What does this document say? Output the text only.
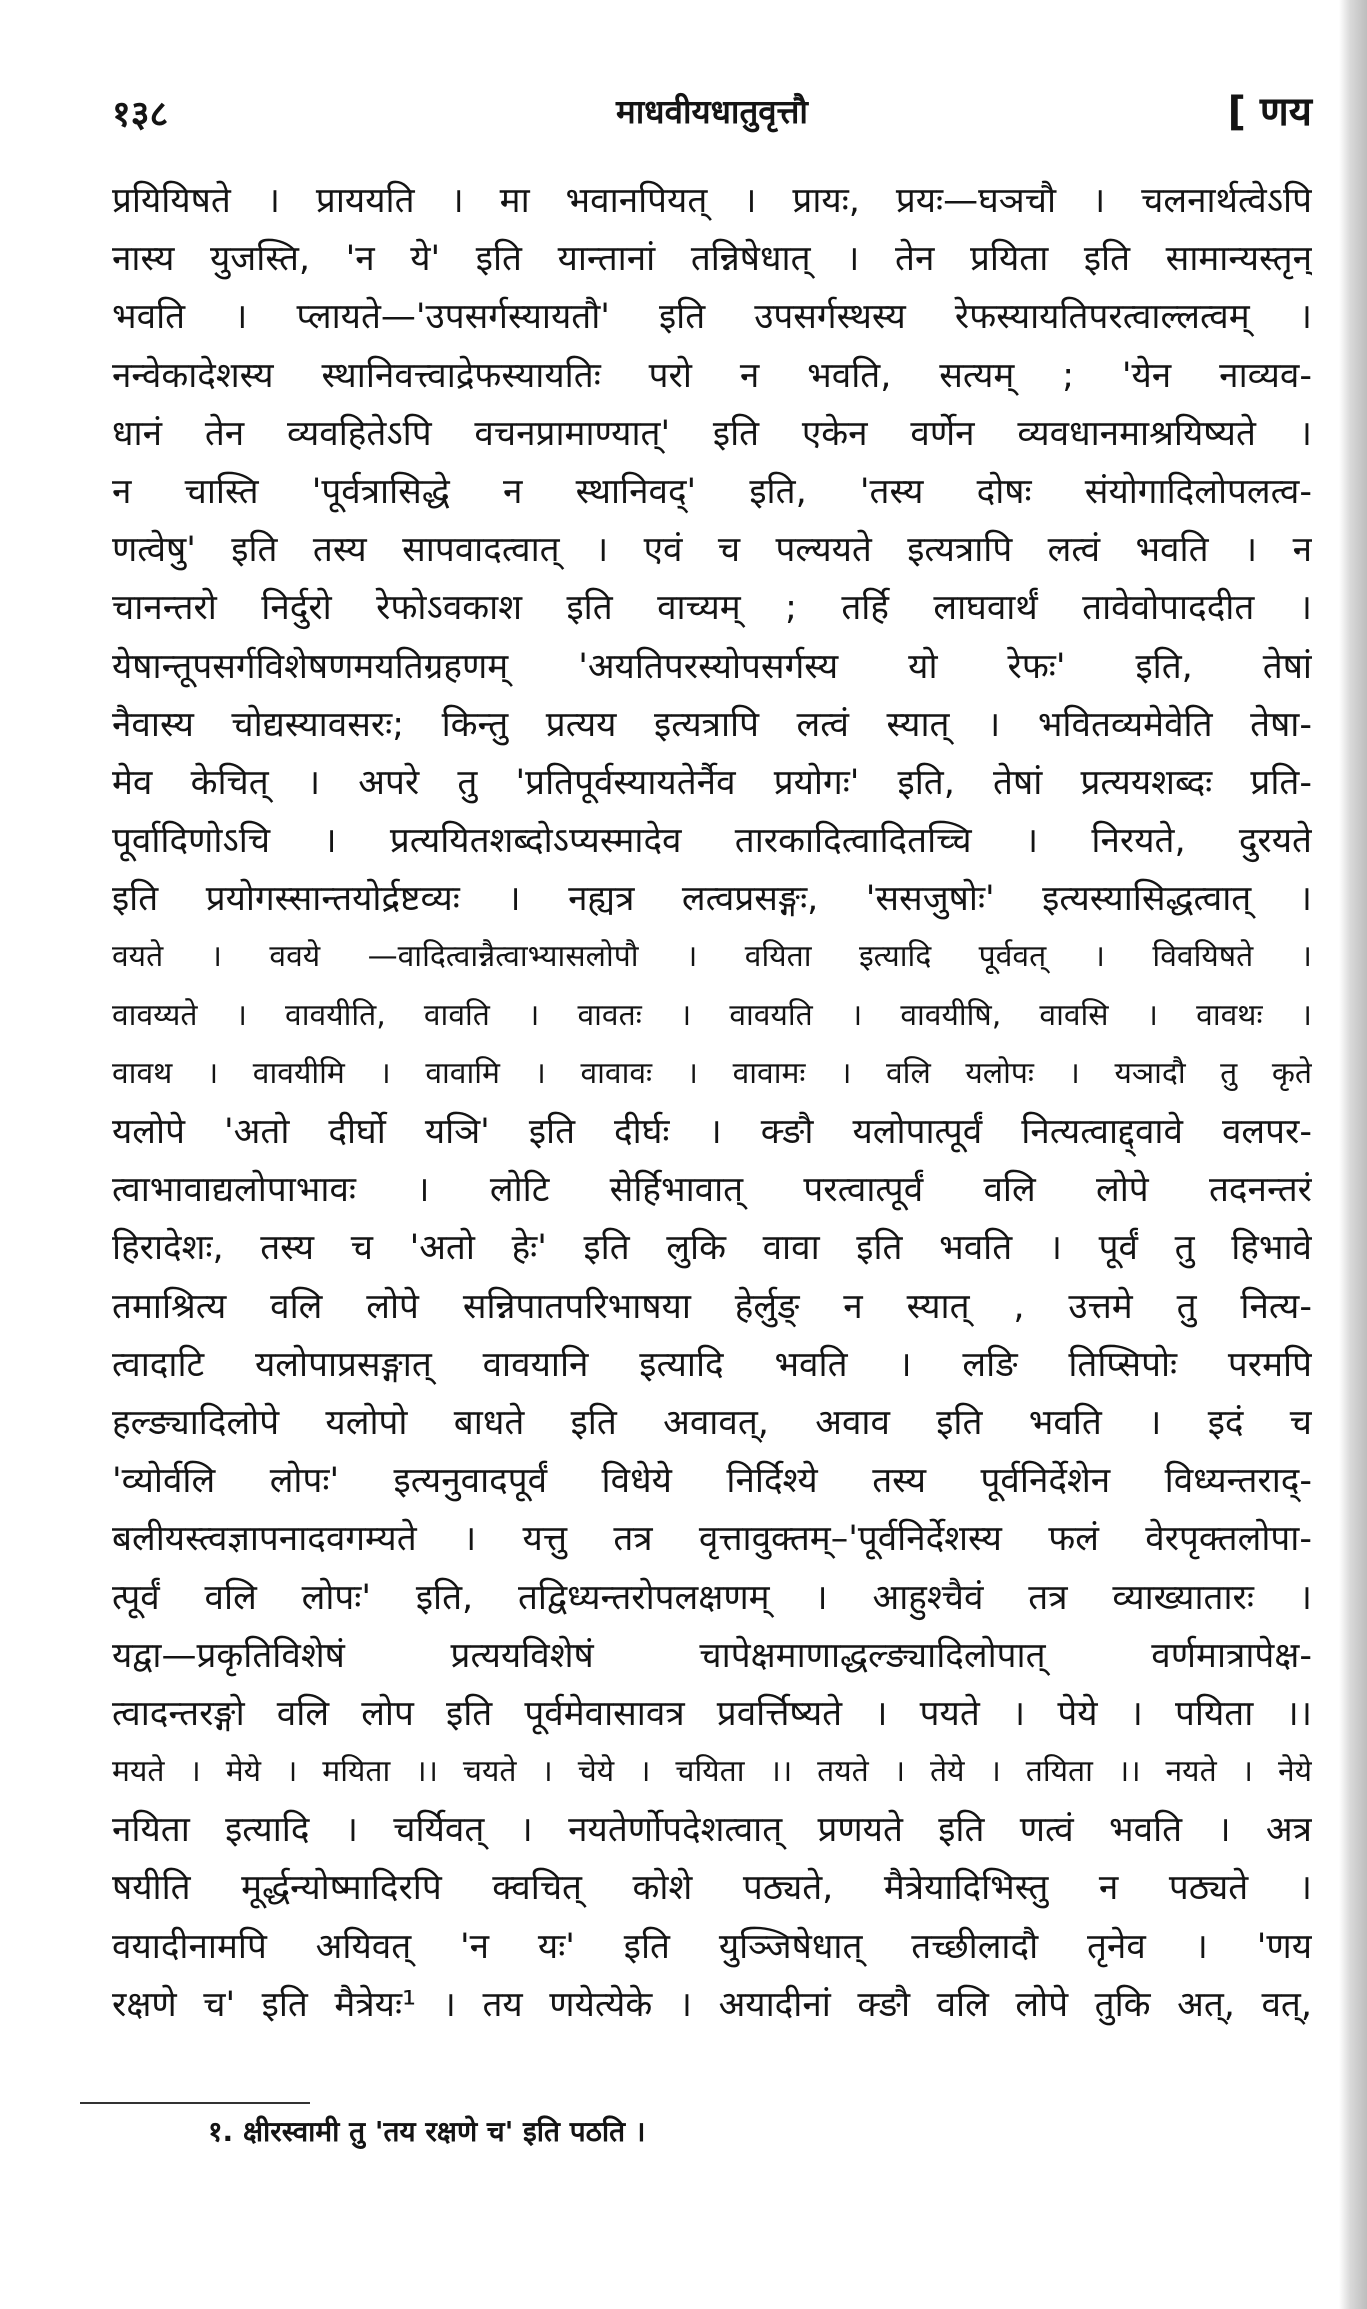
१३८	माधवीयधातुवृत्तौ	[ णय
प्रयियिषते । प्राययति । मा भवानपियत् । प्रायः, प्रयः—घञचौ । चलनार्थत्वेऽपि
नास्य युजस्ति, 'न ये' इति यान्तानां तन्निषेधात् । तेन प्रयिता इति सामान्यस्तृन्
भवति । प्लायते—'उपसर्गस्यायतौ' इति उपसर्गस्थस्य रेफस्यायतिपरत्वाल्लत्वम् ।
नन्वेकादेशस्य स्थानिवत्त्वाद्रेफस्यायतिः परो न भवति, सत्यम् ; 'येन नाव्यव-
धानं तेन व्यवहितेऽपि वचनप्रामाण्यात्' इति एकेन वर्णेन व्यवधानमाश्रयिष्यते ।
न चास्ति 'पूर्वत्रासिद्धे न स्थानिवद्' इति, 'तस्य दोषः संयोगादिलोपलत्व-
णत्वेषु' इति तस्य सापवादत्वात् । एवं च पल्ययते इत्यत्रापि लत्वं भवति । न
चानन्तरो निर्दुरो रेफोऽवकाश इति वाच्यम् ; तर्हि लाघवार्थं तावेवोपाददीत ।
येषान्तूपसर्गविशेषणमयतिग्रहणम् 'अयतिपरस्योपसर्गस्य यो रेफः' इति, तेषां
नैवास्य चोद्यस्यावसरः; किन्तु प्रत्यय इत्यत्रापि लत्वं स्यात् । भवितव्यमेवेति तेषा-
मेव केचित् । अपरे तु 'प्रतिपूर्वस्यायतेर्नैव प्रयोगः' इति, तेषां प्रत्ययशब्दः प्रति-
पूर्वादिणोऽचि । प्रत्ययितशब्दोऽप्यस्मादेव तारकादित्वादितच्चि । निरयते, दुरयते
इति प्रयोगस्सान्तयोर्द्रष्टव्यः । नह्यत्र लत्वप्रसङ्गः, 'ससजुषोः' इत्यस्यासिद्धत्वात् ।
वयते । ववये —वादित्वान्नैत्वाभ्यासलोपौ । वयिता इत्यादि पूर्ववत् । विवयिषते ।
वावय्यते । वावयीति, वावति । वावतः । वावयति । वावयीषि, वावसि । वावथः ।
वावथ । वावयीमि । वावामि । वावावः । वावामः । वलि यलोपः । यञादौ तु कृते
यलोपे 'अतो दीर्घो यञि' इति दीर्घः । क्ङौ यलोपात्पूर्वं नित्यत्वाद्द्वावे वलपर-
त्वाभावाद्यलोपाभावः । लोटि सेर्हिभावात् परत्वात्पूर्वं वलि लोपे तदनन्तरं
हिरादेशः, तस्य च 'अतो हेः' इति लुकि वावा इति भवति । पूर्वं तु हिभावे
तमाश्रित्य वलि लोपे सन्निपातपरिभाषया हेर्लुङ् न स्यात् , उत्तमे तु नित्य-
त्वादाटि यलोपाप्रसङ्गात् वावयानि इत्यादि भवति । लङि तिप्सिपोः परमपि
हल्ङ्यादिलोपे यलोपो बाधते इति अवावत्, अवाव इति भवति । इदं च
'व्योर्वलि लोपः' इत्यनुवादपूर्वं विधेये निर्दिश्ये तस्य पूर्वनिर्देशेन विध्यन्तराद्-
बलीयस्त्वज्ञापनादवगम्यते । यत्तु तत्र वृत्तावुक्तम्–'पूर्वनिर्देशस्य फलं वेरपृक्तलोपा-
त्पूर्वं वलि लोपः' इति, तद्विध्यन्तरोपलक्षणम् । आहुश्चैवं तत्र व्याख्यातारः ।
यद्वा—प्रकृतिविशेषं प्रत्ययविशेषं चापेक्षमाणाद्धल्ङ्यादिलोपात् वर्णमात्रापेक्ष-
त्वादन्तरङ्गो वलि लोप इति पूर्वमेवासावत्र प्रवर्त्तिष्यते । पयते । पेये । पयिता ।।
मयते । मेये । मयिता ।। चयते । चेये । चयिता ।। तयते । तेये । तयिता ।। नयते । नेये
नयिता इत्यादि । चर्यिवत् । नयतेर्णोपदेशत्वात् प्रणयते इति णत्वं भवति । अत्र
षयीति मूर्द्धन्योष्मादिरपि क्वचित् कोशे पठ्यते, मैत्रेयादिभिस्तु न पठ्यते ।
वयादीनामपि अयिवत् 'न यः' इति युञ्जिषेधात् तच्छीलादौ तृनेव । 'णय
रक्षणे च' इति मैत्रेयः¹ । तय णयेत्येके । अयादीनां क्ङौ वलि लोपे तुकि अत्, वत्,
१. क्षीरस्वामी तु 'तय रक्षणे च' इति पठति ।
